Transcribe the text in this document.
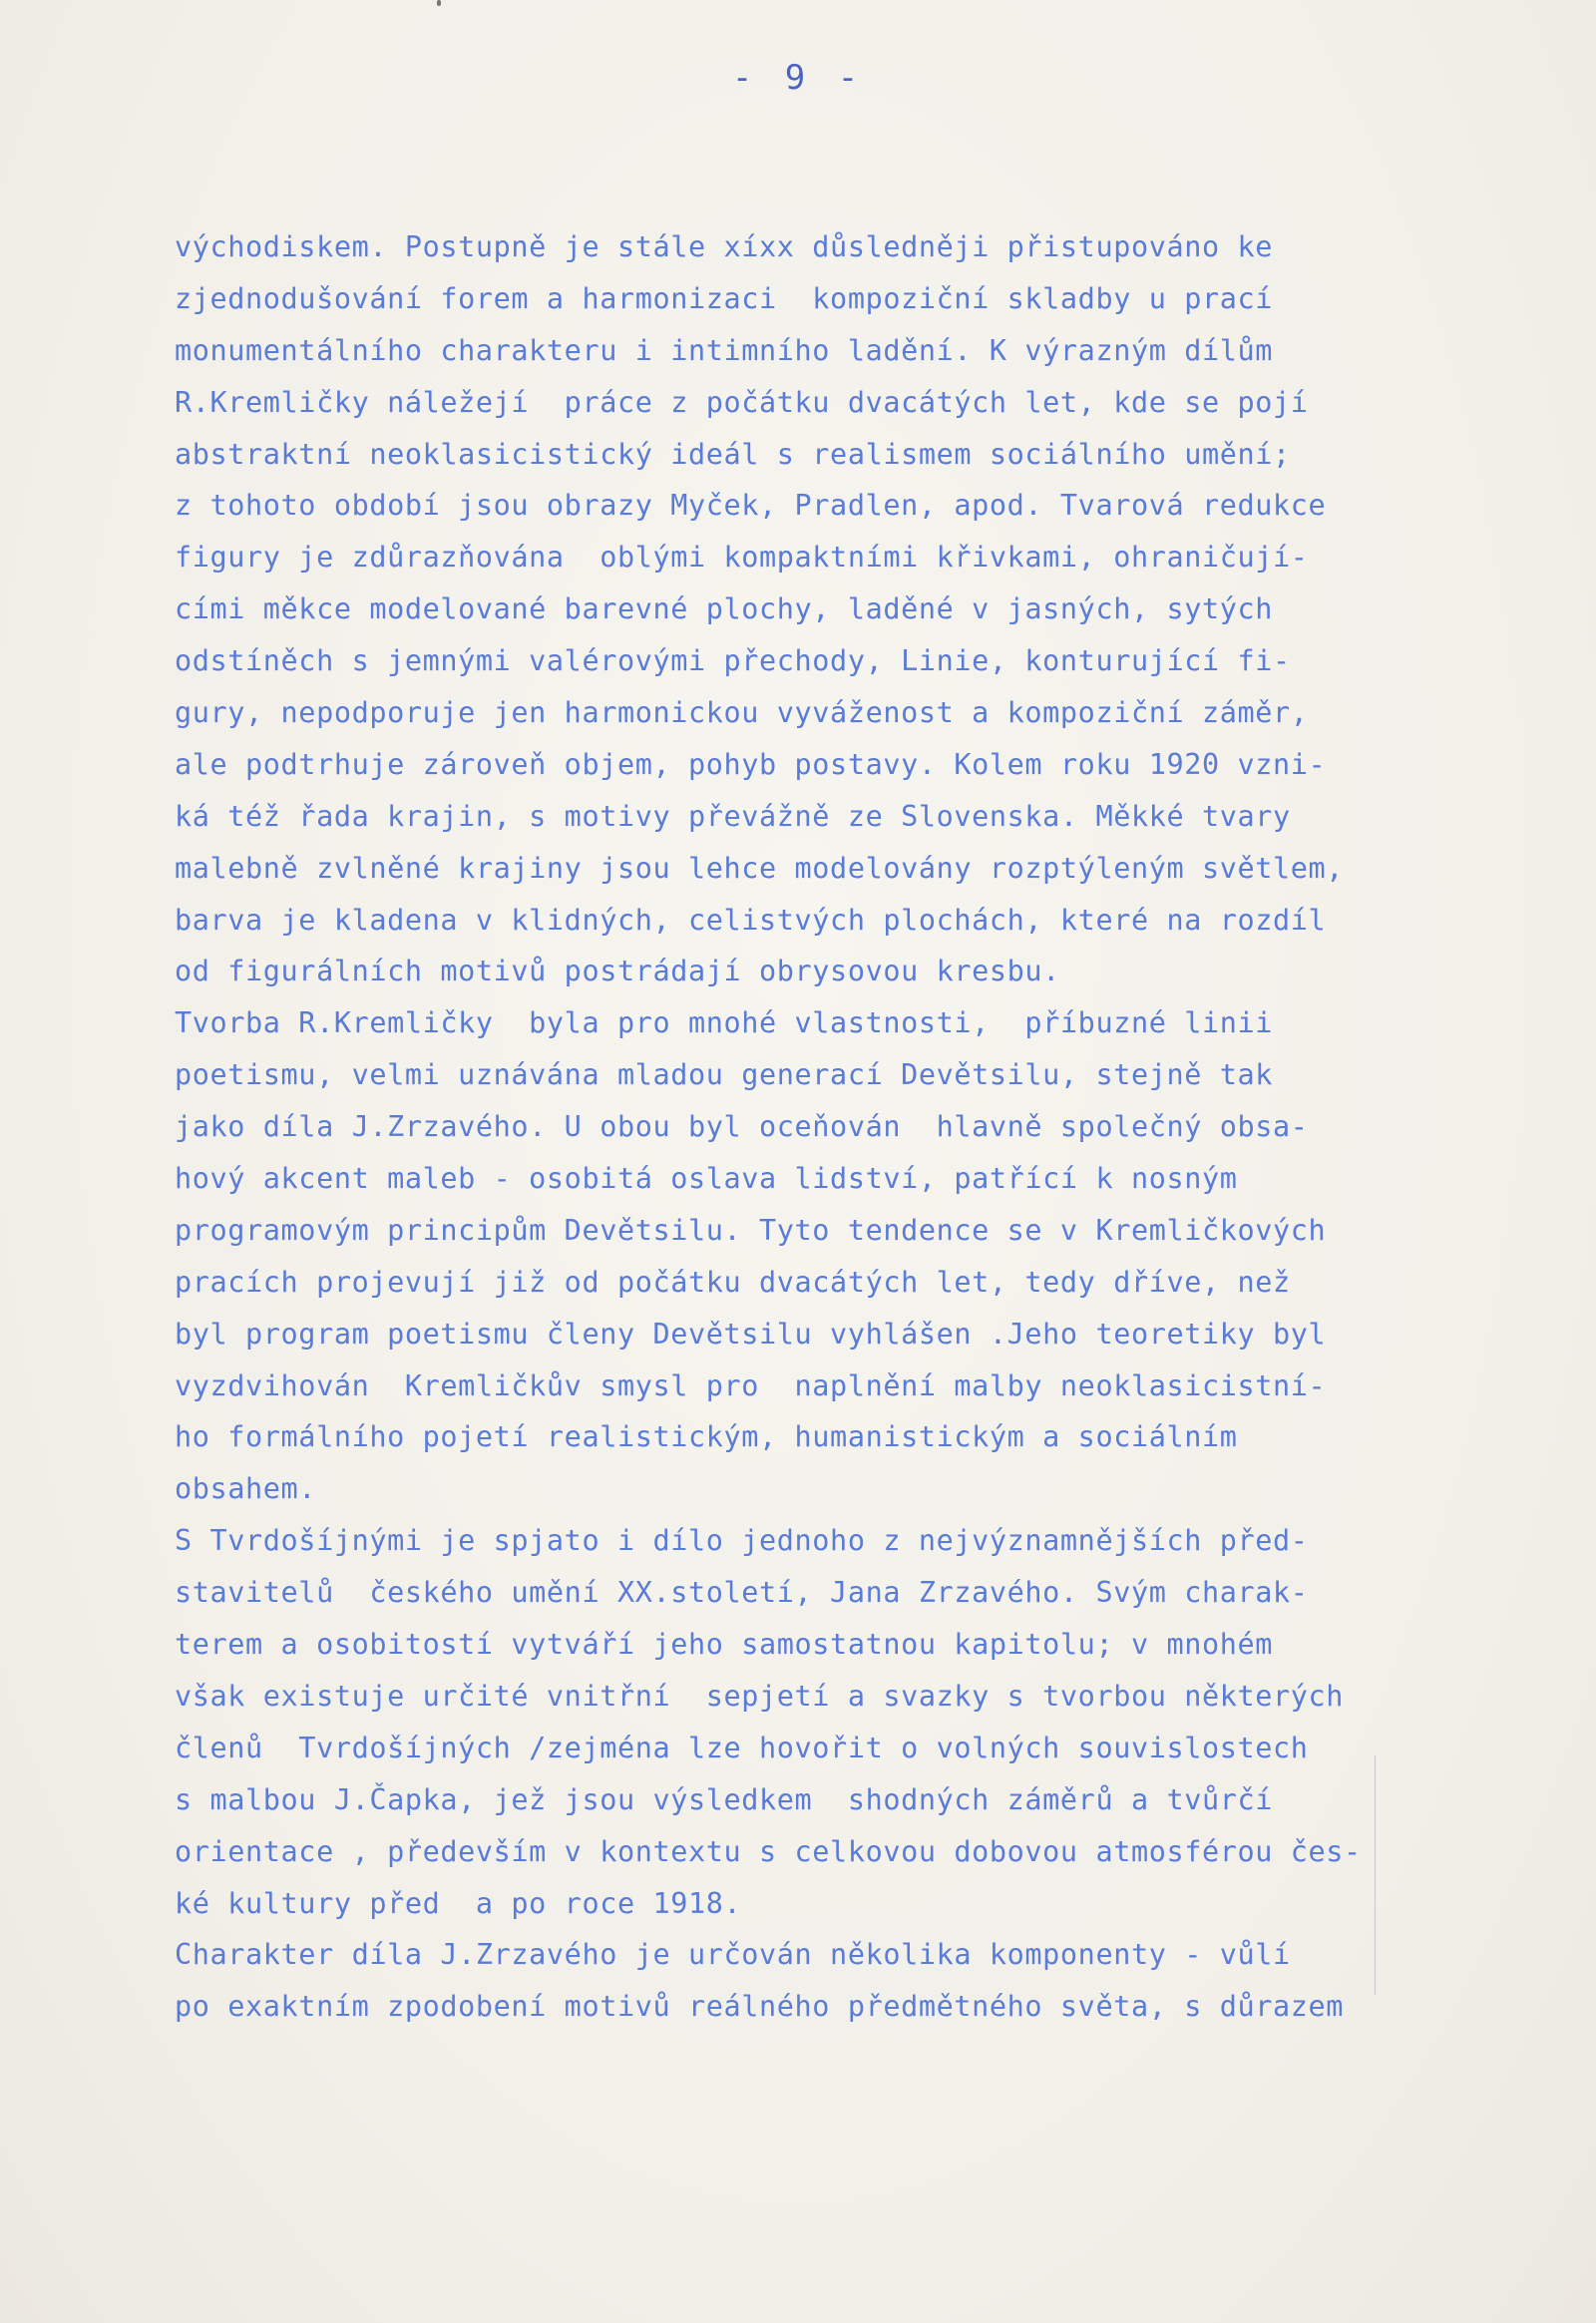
- 9 -
východiskem. Postupně je stále xíxx důsledněji přistupováno ke
zjednodušování forem a harmonizaci  kompoziční skladby u prací
monumentálního charakteru i intimního ladění. K výrazným dílům
R.Kremličky náležejí  práce z počátku dvacátých let, kde se pojí
abstraktní neoklasicistický ideál s realismem sociálního umění;
z tohoto období jsou obrazy Myček, Pradlen, apod. Tvarová redukce
figury je zdůrazňována  oblými kompaktními křivkami, ohraničují-
cími měkce modelované barevné plochy, laděné v jasných, sytých
odstíněch s jemnými valérovými přechody, Linie, konturující fi-
gury, nepodporuje jen harmonickou vyváženost a kompoziční záměr,
ale podtrhuje zároveň objem, pohyb postavy. Kolem roku 1920 vzni-
ká též řada krajin, s motivy převážně ze Slovenska. Měkké tvary
malebně zvlněné krajiny jsou lehce modelovány rozptýleným světlem,
barva je kladena v klidných, celistvých plochách, které na rozdíl
od figurálních motivů postrádají obrysovou kresbu.
Tvorba R.Kremličky  byla pro mnohé vlastnosti,  příbuzné linii
poetismu, velmi uznávána mladou generací Devětsilu, stejně tak
jako díla J.Zrzavého. U obou byl oceňován  hlavně společný obsa-
hový akcent maleb - osobitá oslava lidství, patřící k nosným
programovým principům Devětsilu. Tyto tendence se v Kremličkových
pracích projevují již od počátku dvacátých let, tedy dříve, než
byl program poetismu členy Devětsilu vyhlášen .Jeho teoretiky byl
vyzdvihován  Kremličkův smysl pro  naplnění malby neoklasicistní-
ho formálního pojetí realistickým, humanistickým a sociálním
obsahem.
S Tvrdošíjnými je spjato i dílo jednoho z nejvýznamnějších před-
stavitelů  českého umění XX.století, Jana Zrzavého. Svým charak-
terem a osobitostí vytváří jeho samostatnou kapitolu; v mnohém
však existuje určité vnitřní  sepjetí a svazky s tvorbou některých
členů  Tvrdošíjných /zejména lze hovořit o volných souvislostech
s malbou J.Čapka, jež jsou výsledkem  shodných záměrů a tvůrčí
orientace , především v kontextu s celkovou dobovou atmosférou čes-
ké kultury před  a po roce 1918.
Charakter díla J.Zrzavého je určován několika komponenty - vůlí
po exaktním zpodobení motivů reálného předmětného světa, s důrazem
